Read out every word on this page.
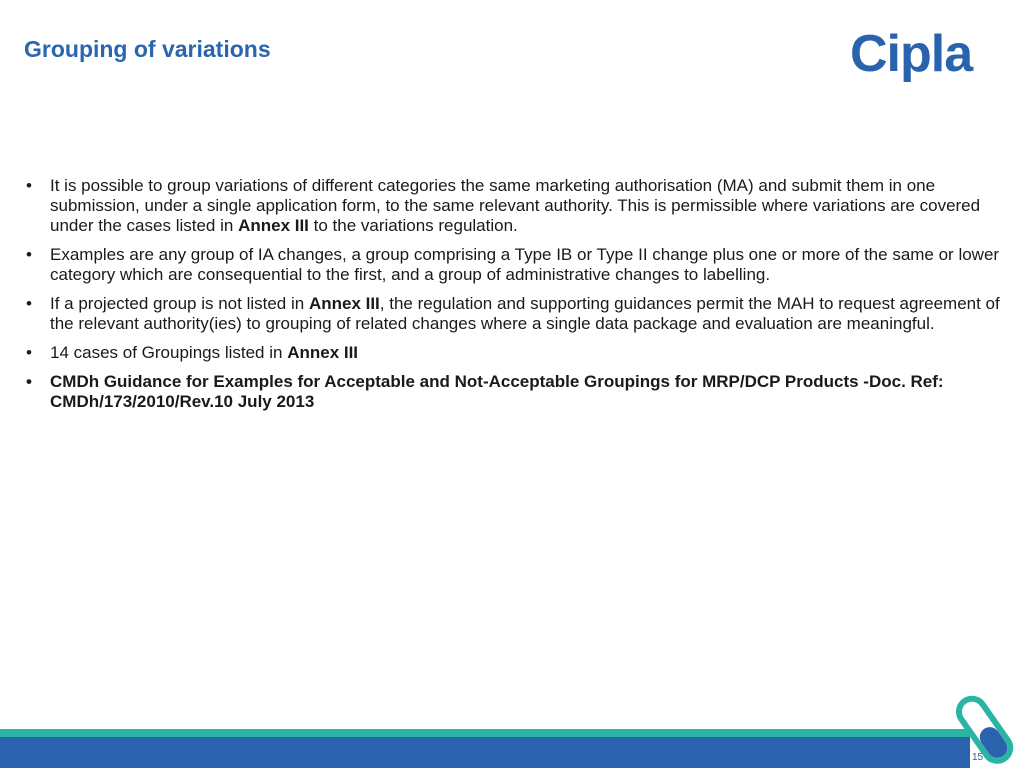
Grouping of variations	Cipla
• It is possible to group variations of different categories the same marketing authorisation (MA) and submit them in one submission, under a single application form, to the same relevant authority. This is permissible where variations are covered under the cases listed in Annex III to the variations regulation.
• Examples are any group of IA changes, a group comprising a Type IB or Type II change plus one or more of the same or lower category which are consequential to the first, and a group of administrative changes to labelling.
• If a projected group is not listed in Annex III, the regulation and supporting guidances permit the MAH to request agreement of the relevant authority(ies) to grouping of related changes where a single data package and evaluation are meaningful.
• 14 cases of Groupings listed in Annex III
• CMDh Guidance for Examples for Acceptable and Not-Acceptable Groupings for MRP/DCP Products -Doc. Ref: CMDh/173/2010/Rev.10 July 2013
15
